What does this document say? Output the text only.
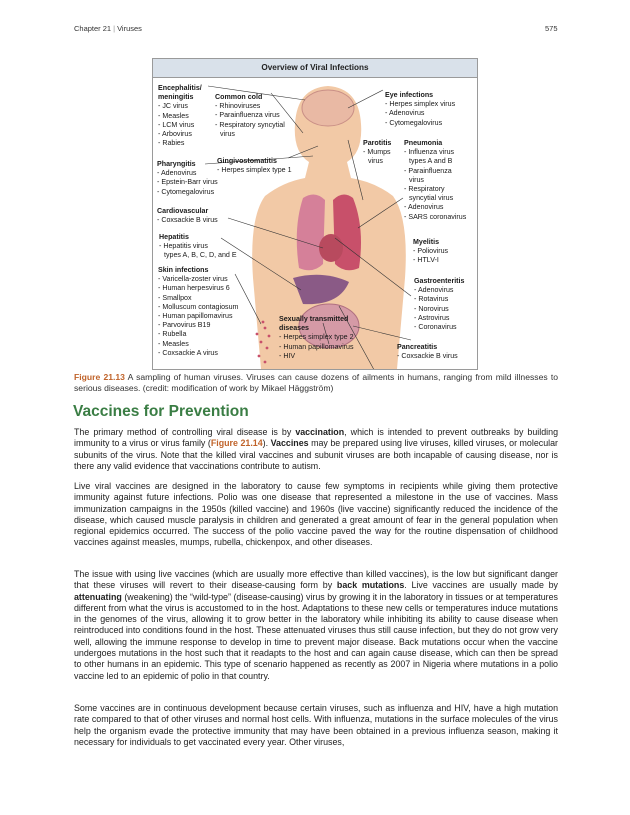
Chapter 21 | Viruses	575
Overview of Viral Infections
Encephalitis/
meningitis
- JC virus
- Measles
- LCM virus
- Arbovirus
- Rabies
Common cold
- Rhinoviruses
- Parainfluenza virus
- Respiratory syncytial
virus
Eye infections
- Herpes simplex virus
- Adenovirus
- Cytomegalovirus
Pharyngitis
- Adenovirus
- Epstein-Barr virus
- Cytomegalovirus
Gingivostomatitis
- Herpes simplex type 1
Parotitis
- Mumps
virus
Pneumonia
- Influenza virus
types A and B
- Parainfluenza
virus
- Respiratory
syncytial virus
- Adenovirus
- SARS coronavirus
Cardiovascular
- Coxsackie B virus
Hepatitis
- Hepatitis virus
types A, B, C, D, and E
Myelitis
- Poliovirus
- HTLV-I
Skin infections
- Varicella-zoster virus
- Human herpesvirus 6
- Smallpox
- Molluscum contagiosum
- Human papillomavirus
- Parvovirus B19
- Rubella
- Measles
- Coxsackie A virus
Gastroenteritis
- Adenovirus
- Rotavirus
- Norovirus
- Astrovirus
- Coronavirus
Sexually transmitted
diseases
- Herpes simplex type 2
- Human papillomavirus
- HIV
Pancreatitis
- Coxsackie B virus
Figure 21.13 A sampling of human viruses. Viruses can cause dozens of ailments in humans, ranging from mild illnesses to serious diseases. (credit: modification of work by Mikael Häggström)
Vaccines for Prevention

The primary method of controlling viral disease is by vaccination, which is intended to prevent outbreaks by building immunity to a virus or virus family (Figure 21.14). Vaccines may be prepared using live viruses, killed viruses, or molecular subunits of the virus. Note that the killed viral vaccines and subunit viruses are both incapable of causing disease, nor is there any valid evidence that vaccinations contribute to autism.

Live viral vaccines are designed in the laboratory to cause few symptoms in recipients while giving them protective immunity against future infections. Polio was one disease that represented a milestone in the use of vaccines. Mass immunization campaigns in the 1950s (killed vaccine) and 1960s (live vaccine) significantly reduced the incidence of the disease, which caused muscle paralysis in children and generated a great amount of fear in the general population when regional epidemics occurred. The success of the polio vaccine paved the way for the routine dispensation of childhood vaccines against measles, mumps, rubella, chickenpox, and other diseases.

The issue with using live vaccines (which are usually more effective than killed vaccines), is the low but significant danger that these viruses will revert to their disease-causing form by back mutations. Live vaccines are usually made by attenuating (weakening) the “wild-type” (disease-causing) virus by growing it in the laboratory in tissues or at temperatures different from what the virus is accustomed to in the host. Adaptations to these new cells or temperatures induce mutations in the genomes of the virus, allowing it to grow better in the laboratory while inhibiting its ability to cause disease when reintroduced into conditions found in the host. These attenuated viruses thus still cause infection, but they do not grow very well, allowing the immune response to develop in time to prevent major disease. Back mutations occur when the vaccine undergoes mutations in the host such that it readapts to the host and can again cause disease, which can then be spread to other humans in an epidemic. This type of scenario happened as recently as 2007 in Nigeria where mutations in a polio vaccine led to an epidemic of polio in that country.

Some vaccines are in continuous development because certain viruses, such as influenza and HIV, have a high mutation rate compared to that of other viruses and normal host cells. With influenza, mutations in the surface molecules of the virus help the organism evade the protective immunity that may have been obtained in a previous influenza season, making it necessary for individuals to get vaccinated every year. Other viruses,
